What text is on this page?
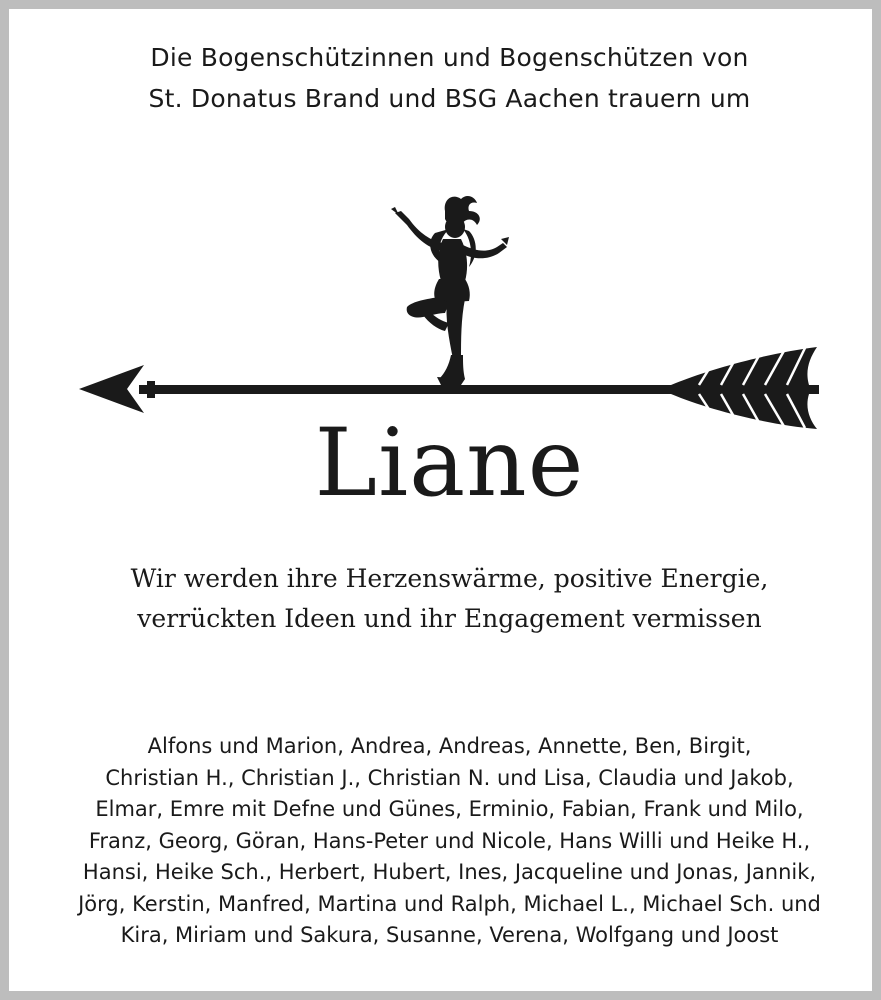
Die Bogenschützinnen und Bogenschützen von
St. Donatus Brand und BSG Aachen trauern um
Liane
Wir werden ihre Herzenswärme, positive Energie,
verrückten Ideen und ihr Engagement vermissen
Alfons und Marion, Andrea, Andreas, Annette, Ben, Birgit,
Christian H., Christian J., Christian N. und Lisa, Claudia und Jakob,
Elmar, Emre mit Defne und Günes, Erminio, Fabian, Frank und Milo,
Franz, Georg, Göran, Hans-Peter und Nicole, Hans Willi und Heike H.,
Hansi, Heike Sch., Herbert, Hubert, Ines, Jacqueline und Jonas, Jannik,
Jörg, Kerstin, Manfred, Martina und Ralph, Michael L., Michael Sch. und
Kira, Miriam und Sakura, Susanne, Verena, Wolfgang und Joost
